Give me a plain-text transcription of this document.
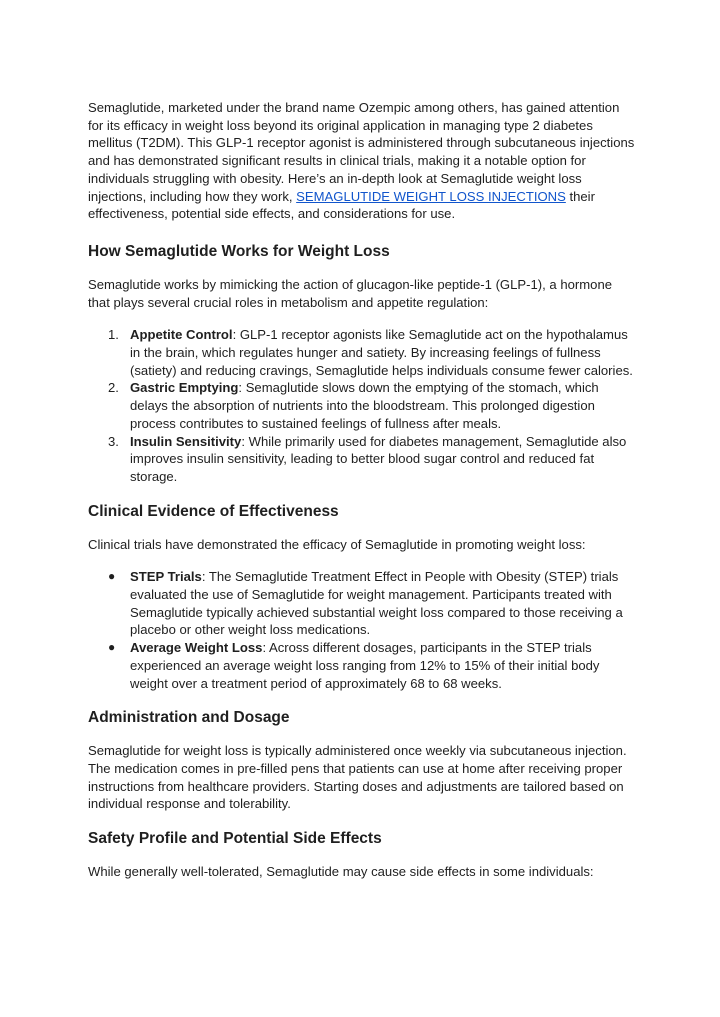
Semaglutide, marketed under the brand name Ozempic among others, has gained attention for its efficacy in weight loss beyond its original application in managing type 2 diabetes mellitus (T2DM). This GLP-1 receptor agonist is administered through subcutaneous injections and has demonstrated significant results in clinical trials, making it a notable option for individuals struggling with obesity. Here’s an in-depth look at Semaglutide weight loss injections, including how they work, SEMAGLUTIDE WEIGHT LOSS INJECTIONS their effectiveness, potential side effects, and considerations for use.

How Semaglutide Works for Weight Loss

Semaglutide works by mimicking the action of glucagon-like peptide-1 (GLP-1), a hormone that plays several crucial roles in metabolism and appetite regulation:

1. Appetite Control: GLP-1 receptor agonists like Semaglutide act on the hypothalamus in the brain, which regulates hunger and satiety. By increasing feelings of fullness (satiety) and reducing cravings, Semaglutide helps individuals consume fewer calories.
2. Gastric Emptying: Semaglutide slows down the emptying of the stomach, which delays the absorption of nutrients into the bloodstream. This prolonged digestion process contributes to sustained feelings of fullness after meals.
3. Insulin Sensitivity: While primarily used for diabetes management, Semaglutide also improves insulin sensitivity, leading to better blood sugar control and reduced fat storage.
Clinical Evidence of Effectiveness

Clinical trials have demonstrated the efficacy of Semaglutide in promoting weight loss:

● STEP Trials: The Semaglutide Treatment Effect in People with Obesity (STEP) trials evaluated the use of Semaglutide for weight management. Participants treated with Semaglutide typically achieved substantial weight loss compared to those receiving a placebo or other weight loss medications.
● Average Weight Loss: Across different dosages, participants in the STEP trials experienced an average weight loss ranging from 12% to 15% of their initial body weight over a treatment period of approximately 68 to 68 weeks.
Administration and Dosage

Semaglutide for weight loss is typically administered once weekly via subcutaneous injection. The medication comes in pre-filled pens that patients can use at home after receiving proper instructions from healthcare providers. Starting doses and adjustments are tailored based on individual response and tolerability.

Safety Profile and Potential Side Effects

While generally well-tolerated, Semaglutide may cause side effects in some individuals:
